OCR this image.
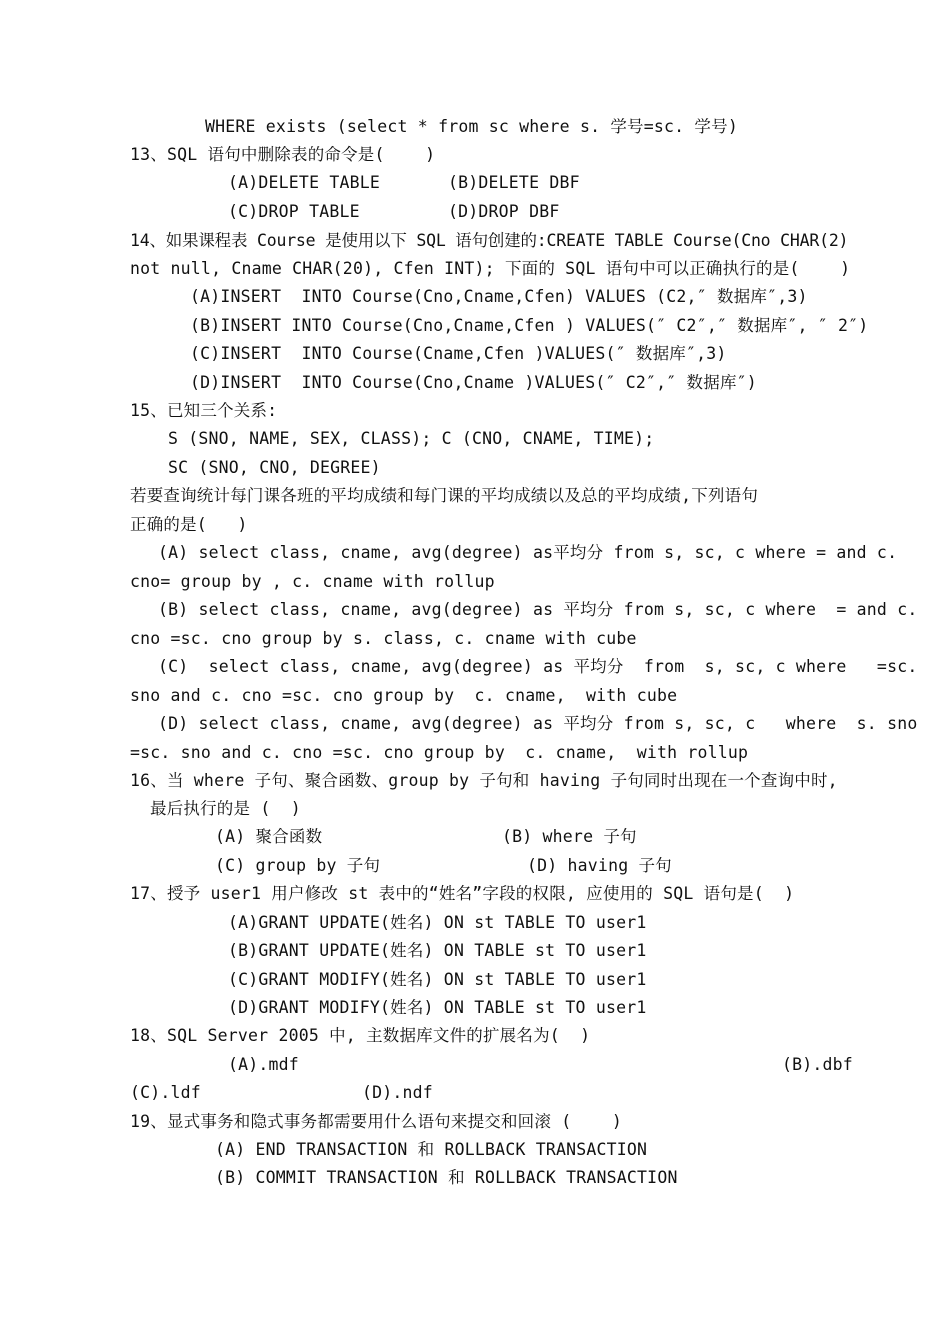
WHERE exists (select * from sc where s. 学号=sc. 学号)
13、SQL 语句中删除表的命令是(    )
(A)DELETE TABLE	(B)DELETE DBF
(C)DROP TABLE	(D)DROP DBF
14、如果课程表 Course 是使用以下 SQL 语句创建的:CREATE TABLE Course(Cno CHAR(2)
not null, Cname CHAR(20), Cfen INT); 下面的 SQL 语句中可以正确执行的是(    )
(A)INSERT  INTO Course(Cno,Cname,Cfen) VALUES (C2,″ 数据库″,3)
(B)INSERT INTO Course(Cno,Cname,Cfen ) VALUES(″ C2″,″ 数据库″, ″ 2″)
(C)INSERT  INTO Course(Cname,Cfen )VALUES(″ 数据库″,3)
(D)INSERT  INTO Course(Cno,Cname )VALUES(″ C2″,″ 数据库″)
15、已知三个关系:
S (SNO, NAME, SEX, CLASS); C (CNO, CNAME, TIME);
SC (SNO, CNO, DEGREE)
若要查询统计每门课各班的平均成绩和每门课的平均成绩以及总的平均成绩,下列语句
正确的是(   )
(A) select class, cname, avg(degree) as平均分 from s, sc, c where = and c.
cno= group by , c. cname with rollup
(B) select class, cname, avg(degree) as 平均分 from s, sc, c where  = and c.
cno =sc. cno group by s. class, c. cname with cube
(C)  select class, cname, avg(degree) as 平均分  from  s, sc, c where   =sc.
sno and c. cno =sc. cno group by  c. cname,  with cube
(D) select class, cname, avg(degree) as 平均分 from s, sc, c   where  s. sno
=sc. sno and c. cno =sc. cno group by  c. cname,  with rollup
16、当 where 子句、聚合函数、group by 子句和 having 子句同时出现在一个查询中时,
最后执行的是 (  )
(A) 聚合函数	(B) where 子句
(C) group by 子句	(D) having 子句
17、授予 user1 用户修改 st 表中的“姓名”字段的权限, 应使用的 SQL 语句是(  )
(A)GRANT UPDATE(姓名) ON st TABLE TO user1
(B)GRANT UPDATE(姓名) ON TABLE st TO user1
(C)GRANT MODIFY(姓名) ON st TABLE TO user1
(D)GRANT MODIFY(姓名) ON TABLE st TO user1
18、SQL Server 2005 中, 主数据库文件的扩展名为(  )
(A).mdf	(B).dbf
(C).ldf	(D).ndf
19、显式事务和隐式事务都需要用什么语句来提交和回滚 (    )
(A) END TRANSACTION 和 ROLLBACK TRANSACTION
(B) COMMIT TRANSACTION 和 ROLLBACK TRANSACTION
